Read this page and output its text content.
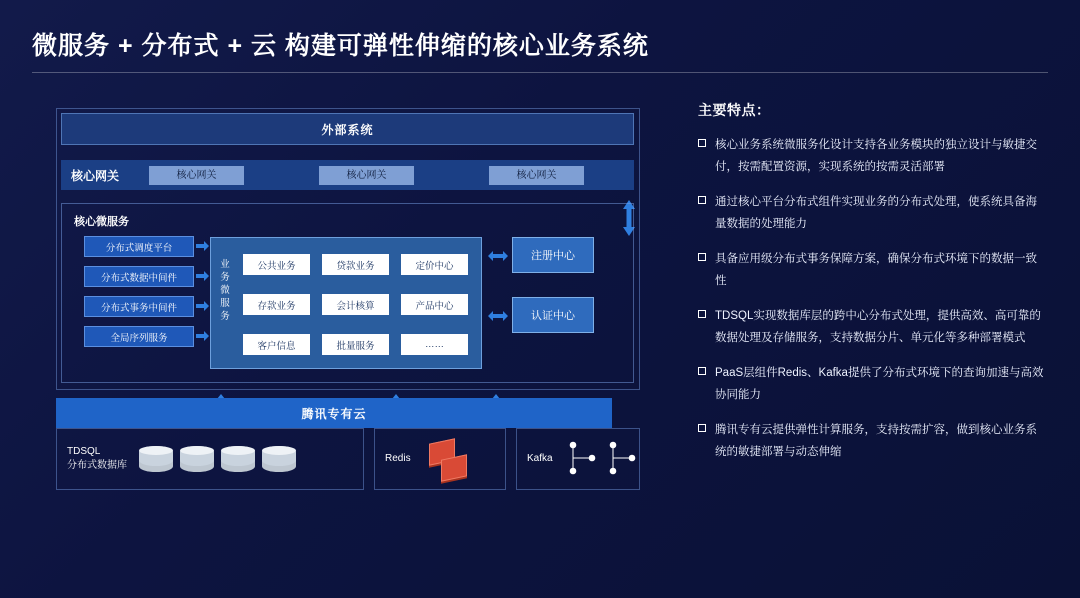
微服务 + 分布式 + 云 构建可弹性伸缩的核心业务系统
外部系统
核心网关	核心网关	核心网关	核心网关
核心微服务
分布式调度平台
分布式数据中间件
分布式事务中间件
全局序列服务
业务微服务
公共业务	贷款业务	定价中心
存款业务	会计核算	产品中心
客户信息	批量服务	……
注册中心
认证中心
TDSQL
分布式数据库
Redis	Kafka
腾讯专有云
主要特点：
核心业务系统微服务化设计支持各业务模块的独立设计与敏捷交付，按需配置资源，实现系统的按需灵活部署
通过核心平台分布式组件实现业务的分布式处理，使系统具备海量数据的处理能力
具备应用级分布式事务保障方案，确保分布式环境下的数据一致性
TDSQL实现数据库层的跨中心分布式处理，提供高效、高可靠的数据处理及存储服务，支持数据分片、单元化等多种部署模式
PaaS层组件Redis、Kafka提供了分布式环境下的查询加速与高效协同能力
腾讯专有云提供弹性计算服务，支持按需扩容，做到核心业务系统的敏捷部署与动态伸缩
